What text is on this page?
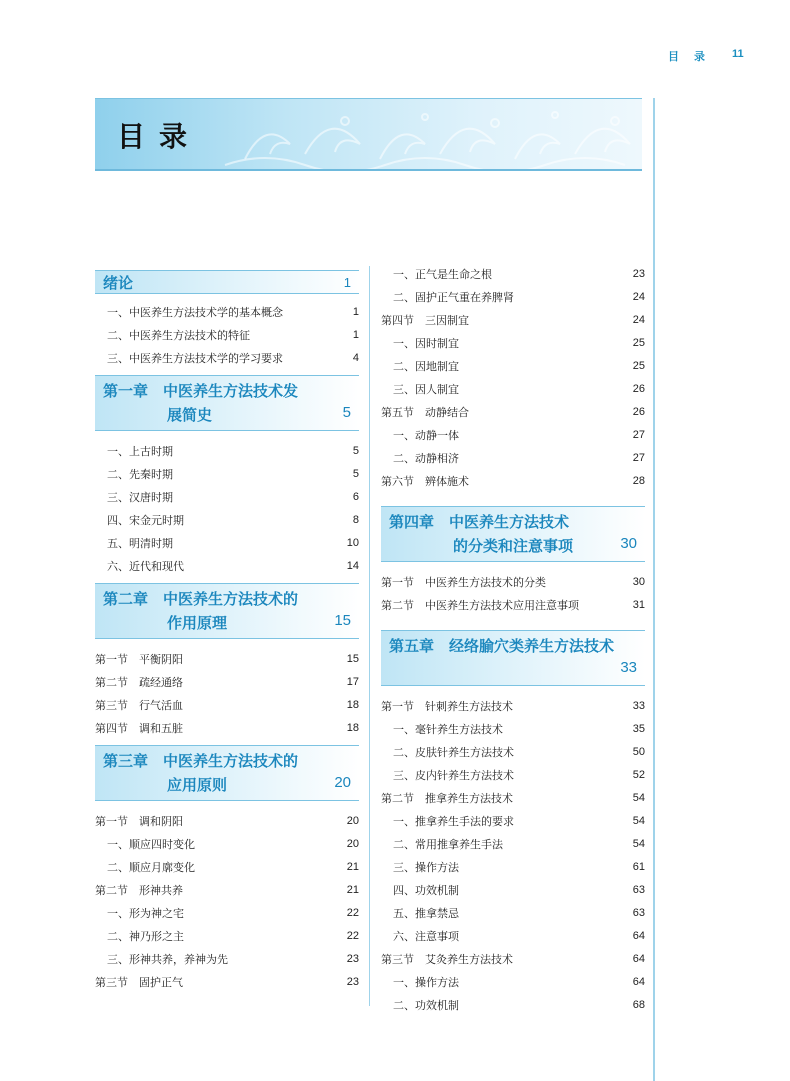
目 录 11
目录
绪论	1
一、中医养生方法技术学的基本概念	1
二、中医养生方法技术的特征	1
三、中医养生方法技术学的学习要求	4
第一章　中医养生方法技术发
展简史	5
一、上古时期	5
二、先秦时期	5
三、汉唐时期	6
四、宋金元时期	8
五、明清时期	10
六、近代和现代	14
第二章　中医养生方法技术的
作用原理	15
第一节　平衡阴阳	15
第二节　疏经通络	17
第三节　行气活血	18
第四节　调和五脏	18
第三章　中医养生方法技术的
应用原则	20
第一节　调和阴阳	20
一、顺应四时变化	20
二、顺应月廓变化	21
第二节　形神共养	21
一、形为神之宅	22
二、神乃形之主	22
三、形神共养，养神为先	23
第三节　固护正气	23
一、正气是生命之根	23
二、固护正气重在养脾肾	24
第四节　三因制宜	24
一、因时制宜	25
二、因地制宜	25
三、因人制宜	26
第五节　动静结合	26
一、动静一体	27
二、动静相济	27
第六节　辨体施术	28
第四章　中医养生方法技术
的分类和注意事项	30
第一节　中医养生方法技术的分类	30
第二节　中医养生方法技术应用注意事项	31
第五章　经络腧穴类养生方法技术
33
第一节　针刺养生方法技术	33
一、毫针养生方法技术	35
二、皮肤针养生方法技术	50
三、皮内针养生方法技术	52
第二节　推拿养生方法技术	54
一、推拿养生手法的要求	54
二、常用推拿养生手法	54
三、操作方法	61
四、功效机制	63
五、推拿禁忌	63
六、注意事项	64
第三节　艾灸养生方法技术	64
一、操作方法	64
二、功效机制	68
